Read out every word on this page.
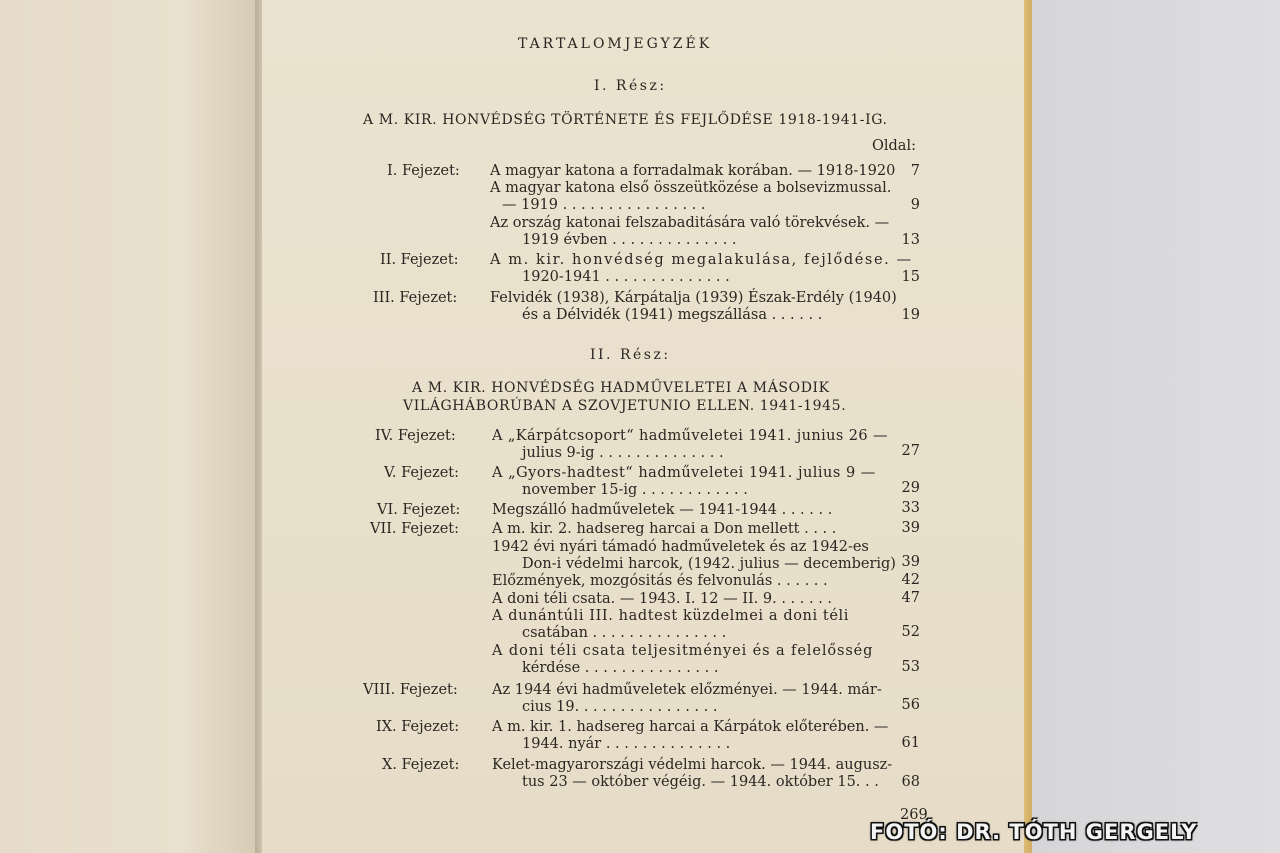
TARTALOMJEGYZÉK
I. Rész:
A M. KIR. HONVÉDSÉG TÖRTÉNETE ÉS FEJLŐDÉSE 1918-1941-IG.
Oldal:
I. Fejezet: A magyar katona a forradalmak korában. — 1918-1920	7
A magyar katona első összeütközése a bolsevizmussal.
— 1919 . . . . . . . . . . . . . . . .	9
Az ország katonai felszabaditására való törekvések. —
1919 évben . . . . . . . . . . . . . .	13
II. Fejezet: A m. kir. honvédség megalakulása, fejlődése. —
1920-1941 . . . . . . . . . . . . . .	15
III. Fejezet: Felvidék (1938), Kárpátalja (1939) Észak-Erdély (1940)
és a Délvidék (1941) megszállása . . . . . .	19
II. Rész:
A M. KIR. HONVÉDSÉG HADMŰVELETEI A MÁSODIK
VILÁGHÁBORÚBAN A SZOVJETUNIO ELLEN. 1941-1945.
IV. Fejezet:	A „Kárpátcsoport“ hadműveletei 1941. junius 26 —
julius 9-ig . . . . . . . . . . . . . .	27
V. Fejezet: A „Gyors-hadtest“ hadműveletei 1941. julius 9 —
november 15-ig . . . . . . . . . . . .	29
VI. Fejezet: Megszálló hadműveletek — 1941-1944 . . . . . .	33
VII. Fejezet: A m. kir. 2. hadsereg harcai a Don mellett . . . .	39
1942 évi nyári támadó hadműveletek és az 1942-es
Don-i védelmi harcok, (1942. julius — decemberig) 39
Előzmények, mozgósitás és felvonulás . . . . . .	42
A doni téli csata. — 1943. I. 12 — II. 9. . . . . . .	47
A dunántúli III. hadtest küzdelmei a doni téli
csatában . . . . . . . . . . . . . . .	52
A doni téli csata teljesitményei és a felelősség
kérdése . . . . . . . . . . . . . . .	53
VIII. Fejezet: Az 1944 évi hadműveletek előzményei. — 1944. már-
cius 19. . . . . . . . . . . . . . . .	56
IX. Fejezet: A m. kir. 1. hadsereg harcai a Kárpátok előterében. —
1944. nyár . . . . . . . . . . . . . .	61
X. Fejezet: Kelet-magyarországi védelmi harcok. — 1944. augusz-
tus 23 — október végéig. — 1944. október 15. . .	68
269
FOTÓ: DR. TÓTH GERGELY
